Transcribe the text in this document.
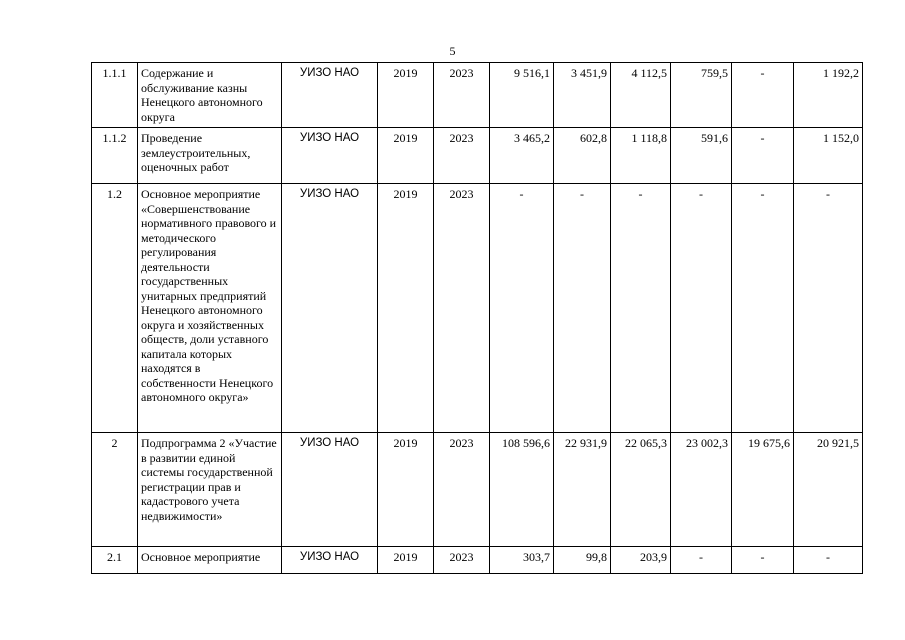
5
1.1.1	Содержание и обслуживание казны Ненецкого автономного округа	УИЗО НАО	2019	2023	9 516,1	3 451,9	4 112,5	759,5	-	1 192,2
1.1.2	Проведение землеустроительных, оценочных работ	УИЗО НАО	2019	2023	3 465,2	602,8	1 118,8	591,6	-	1 152,0
1.2	Основное мероприятие «Совершенствование нормативного правового и методического регулирования деятельности государственных унитарных предприятий Ненецкого автономного округа и хозяйственных обществ, доли уставного капитала которых находятся в собственности Ненецкого автономного округа»	УИЗО НАО	2019	2023	-	-	-	-	-	-
2	Подпрограмма 2 «Участие в развитии единой системы государственной регистрации прав и кадастрового учета недвижимости»	УИЗО НАО	2019	2023	108 596,6	22 931,9	22 065,3	23 002,3	19 675,6	20 921,5
2.1	Основное мероприятие	УИЗО НАО	2019	2023	303,7	99,8	203,9	-	-	-
